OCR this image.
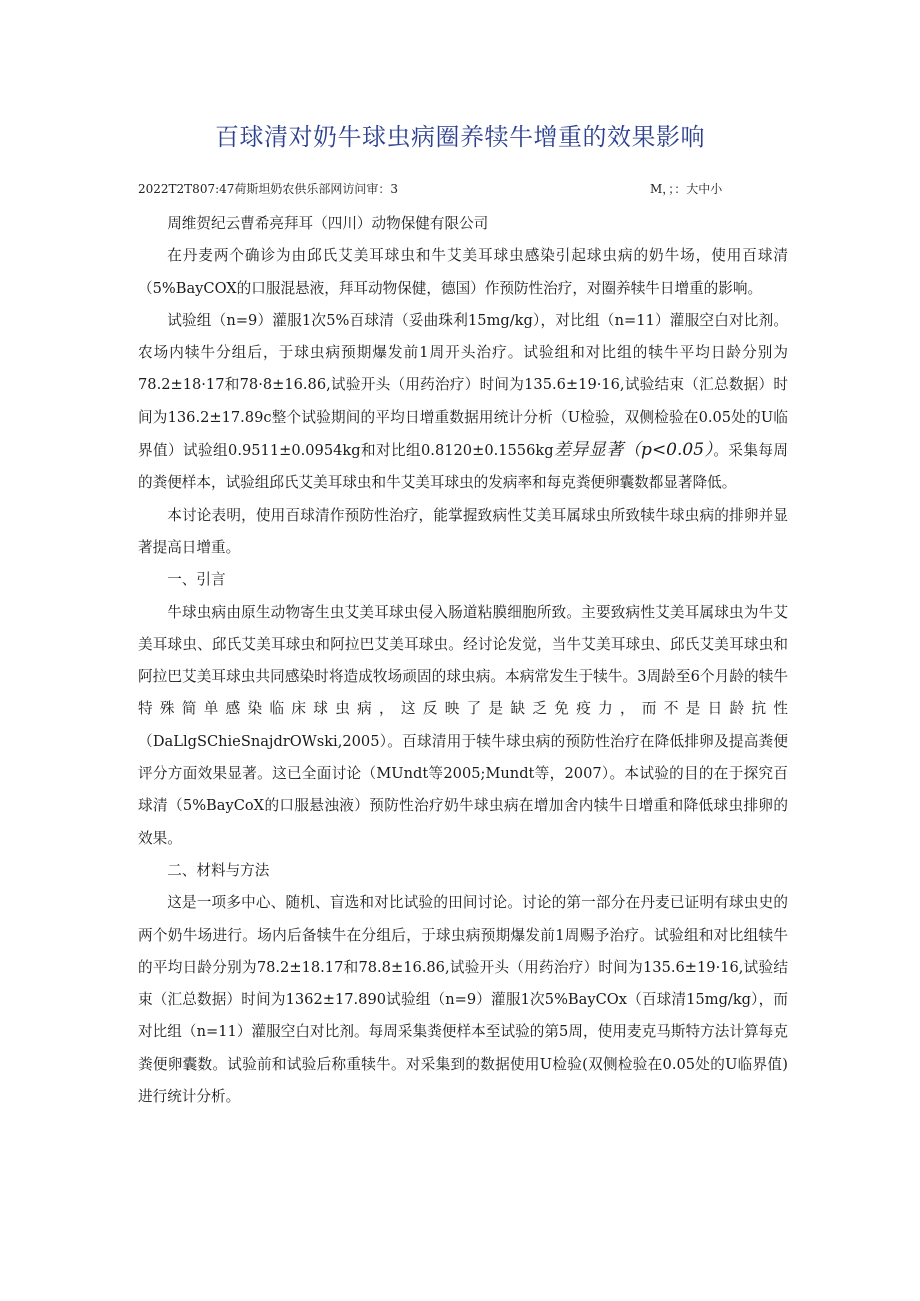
百球清对奶牛球虫病圈养犊牛增重的效果影响
2022T2T807:47荷斯坦奶农供乐部网访问审：3	M，；：大中小

周维贺纪云曹希亮拜耳（四川）动物保健有限公司

在丹麦两个确诊为由邱氏艾美耳球虫和牛艾美耳球虫感染引起球虫病的奶牛场，使用百球清（5%BayCOX的口服混悬液，拜耳动物保健，德国）作预防性治疗，对圈养犊牛日增重的影响。

试验组（n=9）灌服1次5%百球清（妥曲珠利15mg∕kg），对比组（n=11）灌服空白对比剂。农场内犊牛分组后，于球虫病预期爆发前1周开头治疗。试验组和对比组的犊牛平均日龄分别为78.2±18·17和78·8±16.86,试验开头（用药治疗）时间为135.6±19·16,试验结束（汇总数据）时间为136.2±17.89c整个试验期间的平均日增重数据用统计分析（U检验，双侧检验在0.05处的U临界值）试验组0.9511±0.0954kg和对比组0.8120±0.1556kg差异显著（p<0.05）。采集每周的粪便样本，试验组邱氏艾美耳球虫和牛艾美耳球虫的发病率和每克粪便卵囊数都显著降低。

本讨论表明，使用百球清作预防性治疗，能掌握致病性艾美耳属球虫所致犊牛球虫病的排卵并显著提高日增重。

一、引言

牛球虫病由原生动物寄生虫艾美耳球虫侵入肠道粘膜细胞所致。主要致病性艾美耳属球虫为牛艾美耳球虫、邱氏艾美耳球虫和阿拉巴艾美耳球虫。经讨论发觉，当牛艾美耳球虫、邱氏艾美耳球虫和阿拉巴艾美耳球虫共同感染时将造成牧场顽固的球虫病。本病常发生于犊牛。3周龄至6个月龄的犊牛特殊简单感染临床球虫病，这反映了是缺乏免疫力，而不是日龄抗性（DaLlgSChieSnajdrOWski,2005）。百球清用于犊牛球虫病的预防性治疗在降低排卵及提高粪便评分方面效果显著。这已全面讨论（MUndt等2005;Mundt等，2007）。本试验的目的在于探究百球清（5%BayCoX的口服悬浊液）预防性治疗奶牛球虫病在增加舍内犊牛日增重和降低球虫排卵的效果。

二、材料与方法

这是一项多中心、随机、盲选和对比试验的田间讨论。讨论的第一部分在丹麦已证明有球虫史的两个奶牛场进行。场内后备犊牛在分组后，于球虫病预期爆发前1周赐予治疗。试验组和对比组犊牛的平均日龄分别为78.2±18.17和78.8±16.86,试验开头（用药治疗）时间为135.6±19·16,试验结束（汇总数据）时间为1362±17.890试验组（n=9）灌服1次5%BayCOx（百球清15mg∕kg），而对比组（n=11）灌服空白对比剂。每周采集粪便样本至试验的第5周，使用麦克马斯特方法计算每克粪便卵囊数。试验前和试验后称重犊牛。对采集到的数据使用U检验(双侧检验在0.05处的U临界值)进行统计分析。
